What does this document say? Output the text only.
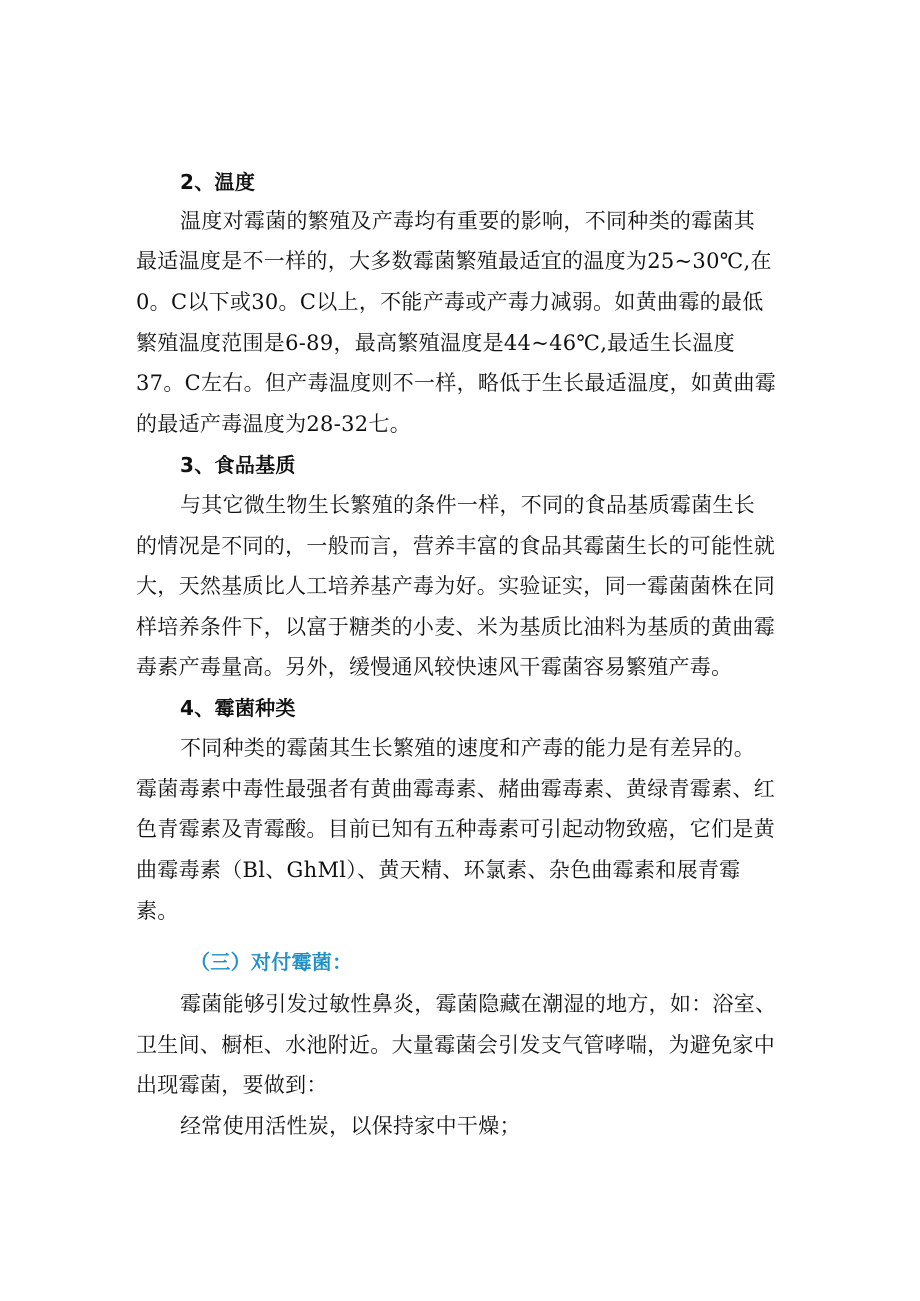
2、温度
温度对霉菌的繁殖及产毒均有重要的影响，不同种类的霉菌其
最适温度是不一样的，大多数霉菌繁殖最适宜的温度为25~30℃,在
0。C以下或30。C以上，不能产毒或产毒力减弱。如黄曲霉的最低
繁殖温度范围是6-89，最高繁殖温度是44~46℃,最适生长温度
37。C左右。但产毒温度则不一样，略低于生长最适温度，如黄曲霉
的最适产毒温度为28-32七。
3、食品基质
与其它微生物生长繁殖的条件一样，不同的食品基质霉菌生长
的情况是不同的，一般而言，营养丰富的食品其霉菌生长的可能性就
大，天然基质比人工培养基产毒为好。实验证实，同一霉菌菌株在同
样培养条件下，以富于糖类的小麦、米为基质比油料为基质的黄曲霉
毒素产毒量高。另外，缓慢通风较快速风干霉菌容易繁殖产毒。
4、霉菌种类
不同种类的霉菌其生长繁殖的速度和产毒的能力是有差异的。
霉菌毒素中毒性最强者有黄曲霉毒素、赭曲霉毒素、黄绿青霉素、红
色青霉素及青霉酸。目前已知有五种毒素可引起动物致癌，它们是黄
曲霉毒素（Bl、GhMl）、黄天精、环氯素、杂色曲霉素和展青霉
素。
（三）对付霉菌：
霉菌能够引发过敏性鼻炎，霉菌隐藏在潮湿的地方，如：浴室、
卫生间、橱柜、水池附近。大量霉菌会引发支气管哮喘，为避免家中
出现霉菌，要做到：
经常使用活性炭，以保持家中干燥；
